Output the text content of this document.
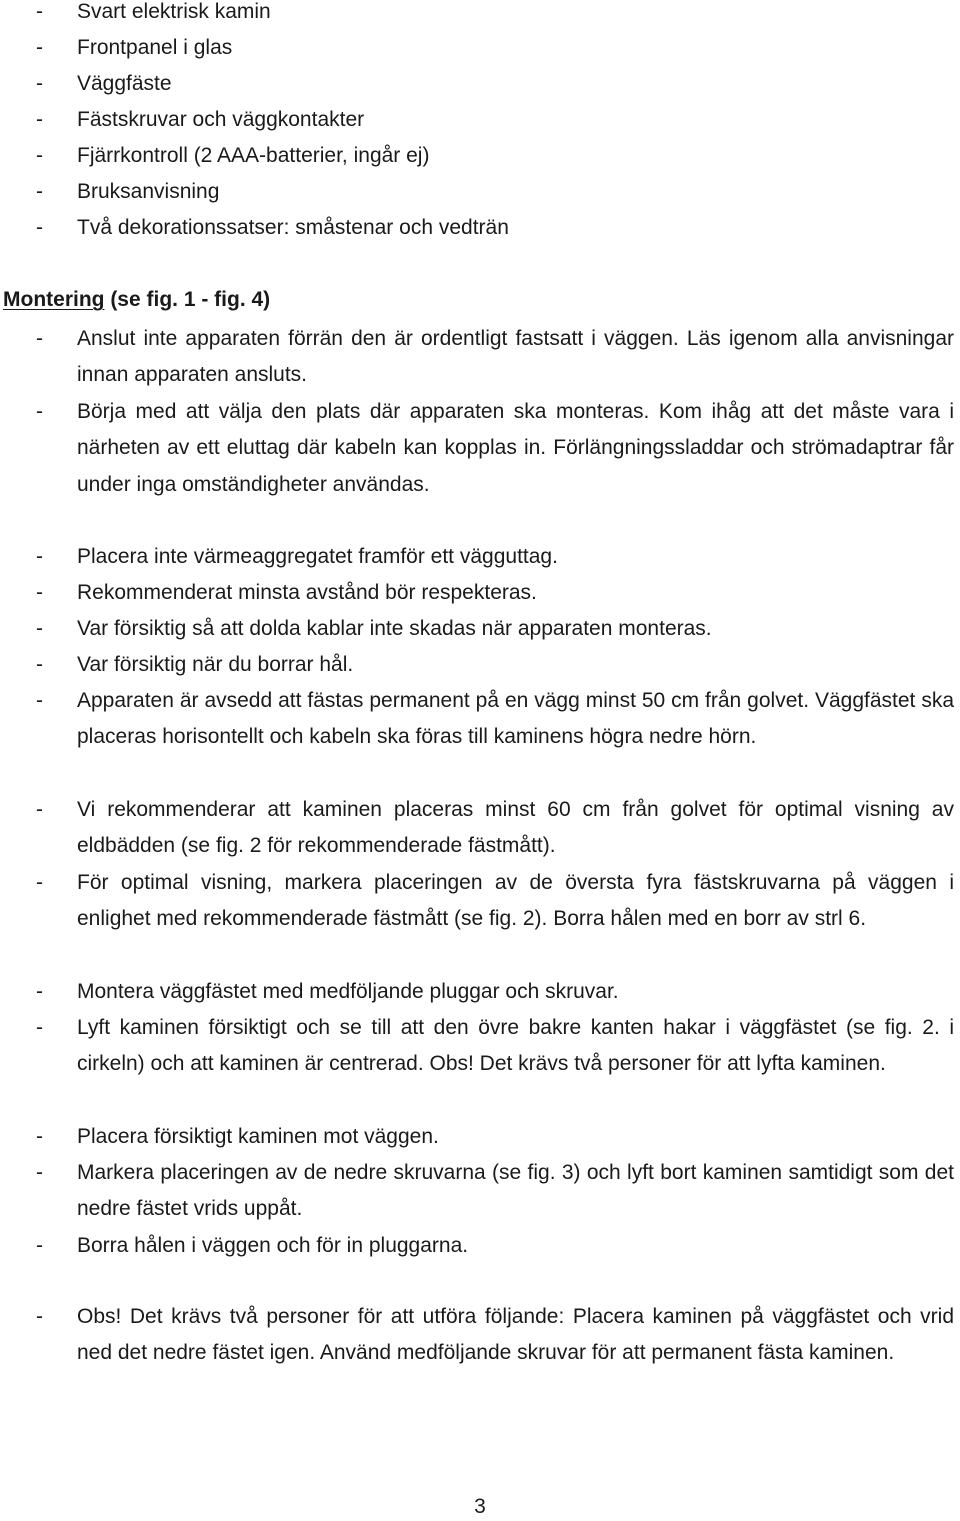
- Svart elektrisk kamin
- Frontpanel i glas
- Väggfäste
- Fästskruvar och väggkontakter
- Fjärrkontroll (2 AAA-batterier, ingår ej)
- Bruksanvisning
- Två dekorationssatser: småstenar och vedträn
Montering (se fig. 1 - fig. 4)
- Anslut inte apparaten förrän den är ordentligt fastsatt i väggen. Läs igenom alla anvisningar innan apparaten ansluts.
- Börja med att välja den plats där apparaten ska monteras. Kom ihåg att det måste vara i närheten av ett eluttag där kabeln kan kopplas in. Förlängningssladdar och strömadaptrar får under inga omständigheter användas.
- Placera inte värmeaggregatet framför ett vägguttag.
- Rekommenderat minsta avstånd bör respekteras.
- Var försiktig så att dolda kablar inte skadas när apparaten monteras.
- Var försiktig när du borrar hål.
- Apparaten är avsedd att fästas permanent på en vägg minst 50 cm från golvet. Väggfästet ska placeras horisontellt och kabeln ska föras till kaminens högra nedre hörn.
- Vi rekommenderar att kaminen placeras minst 60 cm från golvet för optimal visning av eldbädden (se fig. 2 för rekommenderade fästmått).
- För optimal visning, markera placeringen av de översta fyra fästskruvarna på väggen i enlighet med rekommenderade fästmått (se fig. 2). Borra hålen med en borr av strl 6.
- Montera väggfästet med medföljande pluggar och skruvar.
- Lyft kaminen försiktigt och se till att den övre bakre kanten hakar i väggfästet (se fig. 2. i cirkeln) och att kaminen är centrerad. Obs! Det krävs två personer för att lyfta kaminen.
- Placera försiktigt kaminen mot väggen.
- Markera placeringen av de nedre skruvarna (se fig. 3) och lyft bort kaminen samtidigt som det nedre fästet vrids uppåt.
- Borra hålen i väggen och för in pluggarna.
- Obs! Det krävs två personer för att utföra följande: Placera kaminen på väggfästet och vrid ned det nedre fästet igen. Använd medföljande skruvar för att permanent fästa kaminen.
3
